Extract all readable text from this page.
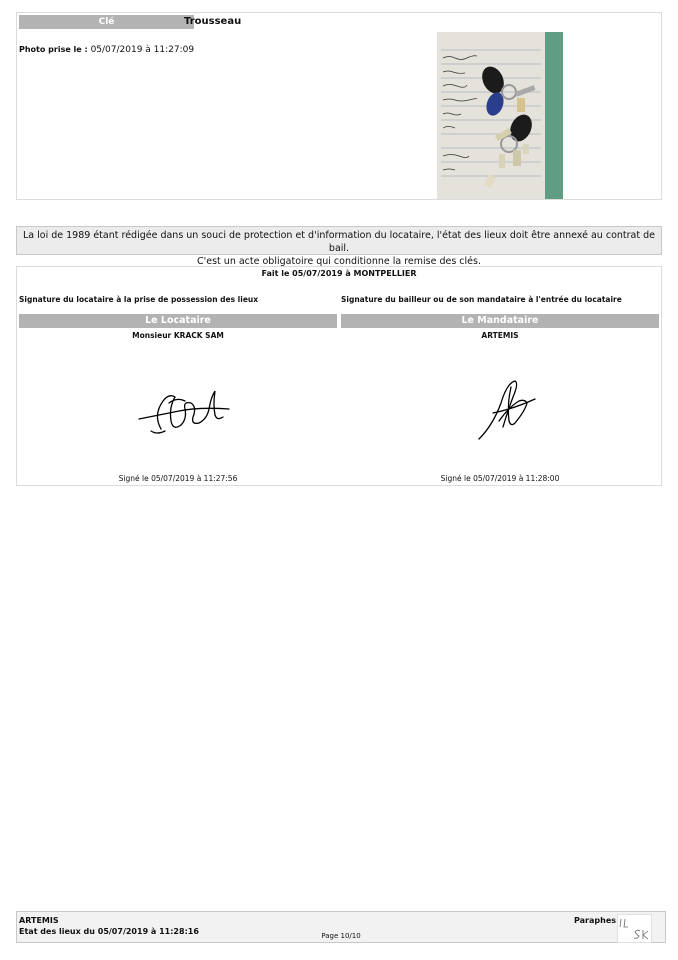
Clé	Trousseau
Photo prise le : 05/07/2019 à 11:27:09
La loi de 1989 étant rédigée dans un souci de protection et d'information du locataire, l'état des lieux doit être annexé au contrat de bail.
C'est un acte obligatoire qui conditionne la remise des clés.
Fait le 05/07/2019 à MONTPELLIER
Signature du locataire à la prise de possession des lieux	Signature du bailleur ou de son mandataire à l'entrée du locataire
Le Locataire	Le Mandataire
Monsieur KRACK SAM	ARTEMIS
Signé le 05/07/2019 à 11:27:56	Signé le 05/07/2019 à 11:28:00
ARTEMIS
Etat des lieux du 05/07/2019 à 11:28:16	Page 10/10
Paraphes
